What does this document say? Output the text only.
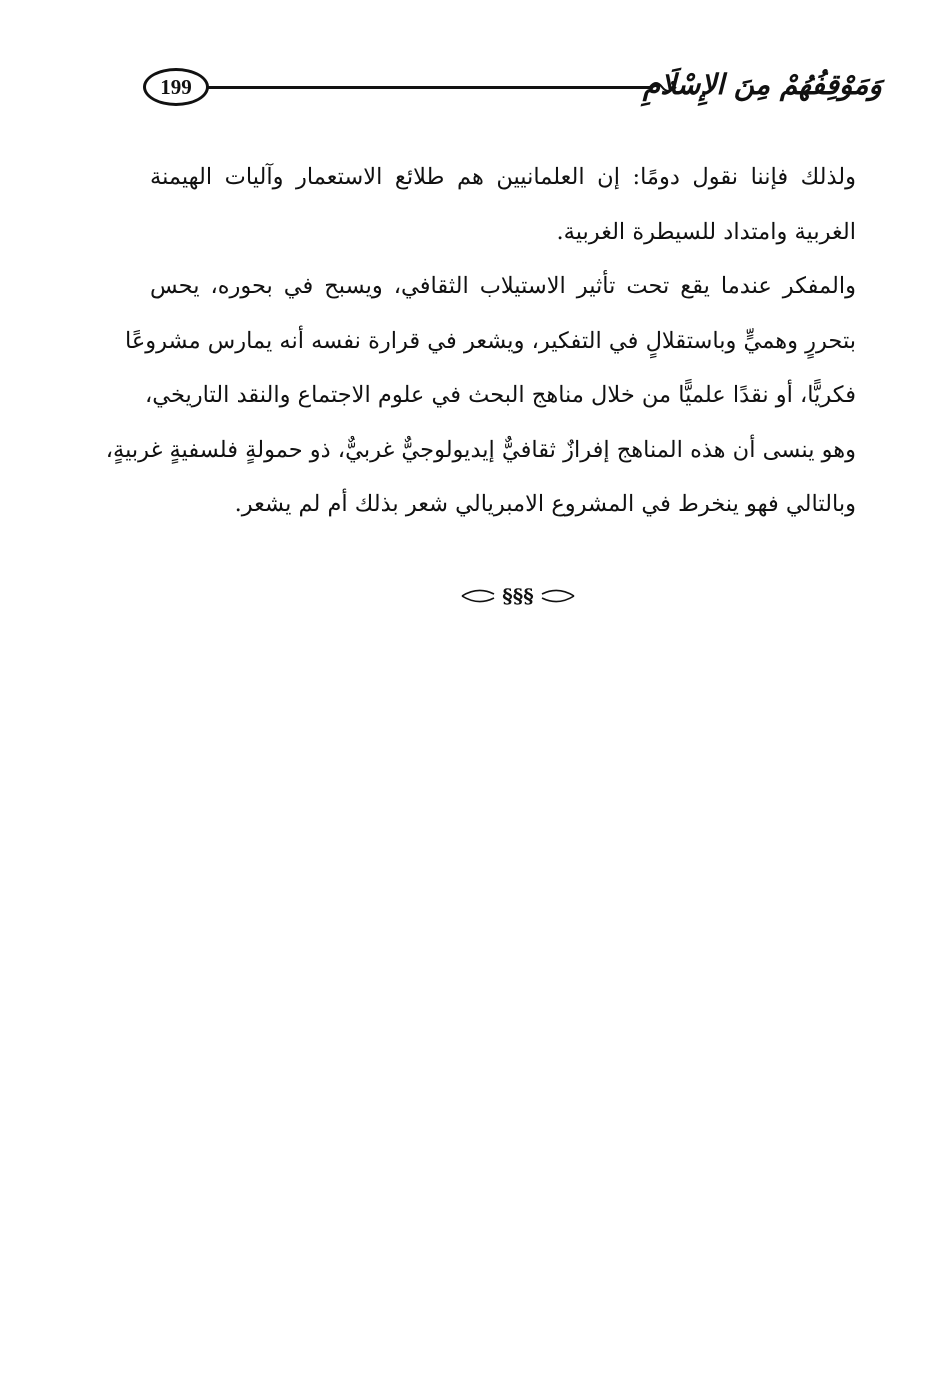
199	وَمَوْقِفُهُمْ مِنَ الإِسْلَامِ

ولذلك فإننا نقول دومًا: إن العلمانيين هم طلائع الاستعمار وآليات الهيمنة
الغربية وامتداد للسيطرة الغربية.

والمفكر عندما يقع تحت تأثير الاستيلاب الثقافي، ويسبح في بحوره، يحس
بتحررٍ وهميٍّ وباستقلالٍ في التفكير، ويشعر في قرارة نفسه أنه يمارس مشروعًا
فكريًّا، أو نقدًا علميًّا من خلال مناهج البحث في علوم الاجتماع والنقد التاريخي،
وهو ينسى أن هذه المناهج إفرازٌ ثقافيٌّ إيديولوجيٌّ غربيٌّ، ذو حمولةٍ فلسفيةٍ غربيةٍ،
وبالتالي فهو ينخرط في المشروع الامبريالي شعر بذلك أم لم يشعر.

§§§
